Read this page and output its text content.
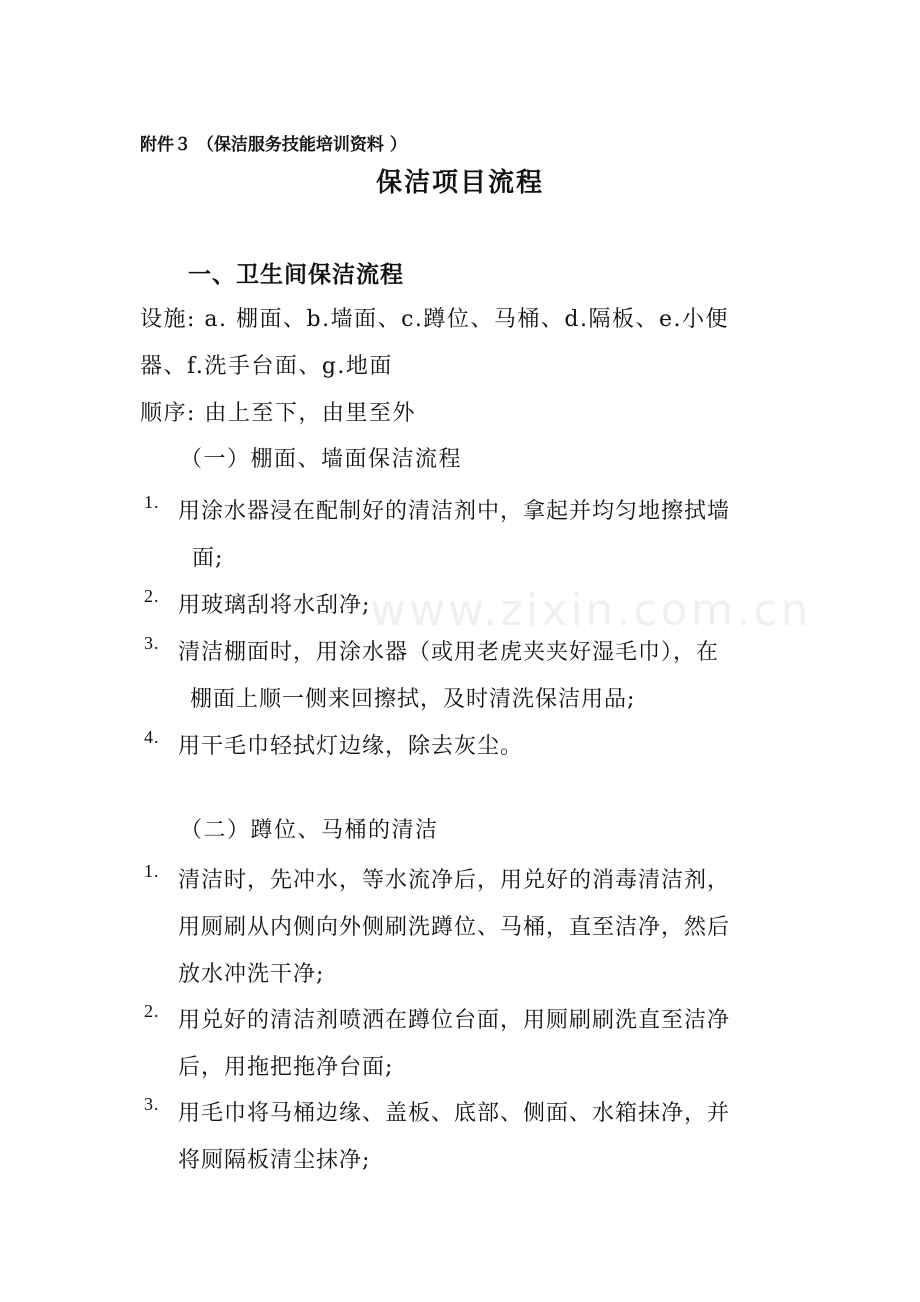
www.zixin.com.cn
附件３ （保洁服务技能培训资料 ）
保洁项目流程
一、卫生间保洁流程
设施: a. 棚面、b.墙面、c.蹲位、马桶、d.隔板、e.小便
器、f.洗手台面、g.地面
顺序: 由上至下，由里至外
（一）棚面、墙面保洁流程
1. 用涂水器浸在配制好的清洁剂中，拿起并均匀地擦拭墙
面;
2. 用玻璃刮将水刮净;
3. 清洁棚面时，用涂水器（或用老虎夹夹好湿毛巾），在
棚面上顺一侧来回擦拭，及时清洗保洁用品;
4. 用干毛巾轻拭灯边缘，除去灰尘。
（二）蹲位、马桶的清洁
1. 清洁时，先冲水，等水流净后，用兑好的消毒清洁剂，
用厕刷从内侧向外侧刷洗蹲位、马桶，直至洁净，然后
放水冲洗干净;
2. 用兑好的清洁剂喷洒在蹲位台面，用厕刷刷洗直至洁净
后，用拖把拖净台面;
3. 用毛巾将马桶边缘、盖板、底部、侧面、水箱抹净，并
将厕隔板清尘抹净;
